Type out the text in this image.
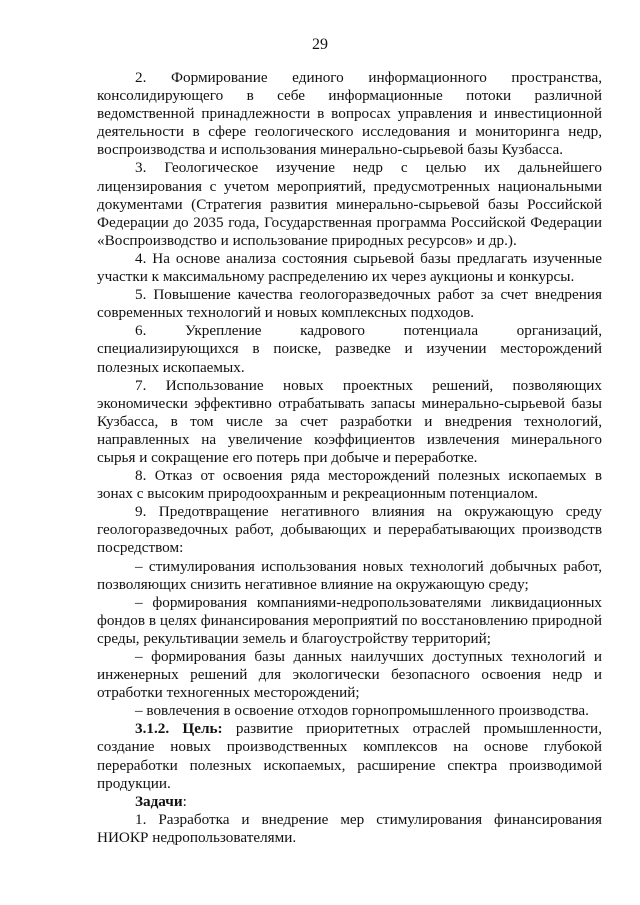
29

2. Формирование единого информационного пространства, консолидирующего в себе информационные потоки различной ведомственной принадлежности в вопросах управления и инвестиционной деятельности в сфере геологического исследования и мониторинга недр, воспроизводства и использования минерально-сырьевой базы Кузбасса.

3. Геологическое изучение недр с целью их дальнейшего лицензирования с учетом мероприятий, предусмотренных национальными документами (Стратегия развития минерально-сырьевой базы Российской Федерации до 2035 года, Государственная программа Российской Федерации «Воспроизводство и использование природных ресурсов» и др.).

4. На основе анализа состояния сырьевой базы предлагать изученные участки к максимальному распределению их через аукционы и конкурсы.

5. Повышение качества геологоразведочных работ за счет внедрения современных технологий и новых комплексных подходов.

6. Укрепление кадрового потенциала организаций, специализирующихся в поиске, разведке и изучении месторождений полезных ископаемых.

7. Использование новых проектных решений, позволяющих экономически эффективно отрабатывать запасы минерально-сырьевой базы Кузбасса, в том числе за счет разработки и внедрения технологий, направленных на увеличение коэффициентов извлечения минерального сырья и сокращение его потерь при добыче и переработке.

8. Отказ от освоения ряда месторождений полезных ископаемых в зонах с высоким природоохранным и рекреационным потенциалом.

9. Предотвращение негативного влияния на окружающую среду геологоразведочных работ, добывающих и перерабатывающих производств посредством:

– стимулирования использования новых технологий добычных работ, позволяющих снизить негативное влияние на окружающую среду;

– формирования компаниями-недропользователями ликвидационных фондов в целях финансирования мероприятий по восстановлению природной среды, рекультивации земель и благоустройству территорий;

– формирования базы данных наилучших доступных технологий и инженерных решений для экологически безопасного освоения недр и отработки техногенных месторождений;

– вовлечения в освоение отходов горнопромышленного производства.

3.1.2. Цель: развитие приоритетных отраслей промышленности, создание новых производственных комплексов на основе глубокой переработки полезных ископаемых, расширение спектра производимой продукции.

Задачи:

1. Разработка и внедрение мер стимулирования финансирования НИОКР недропользователями.
